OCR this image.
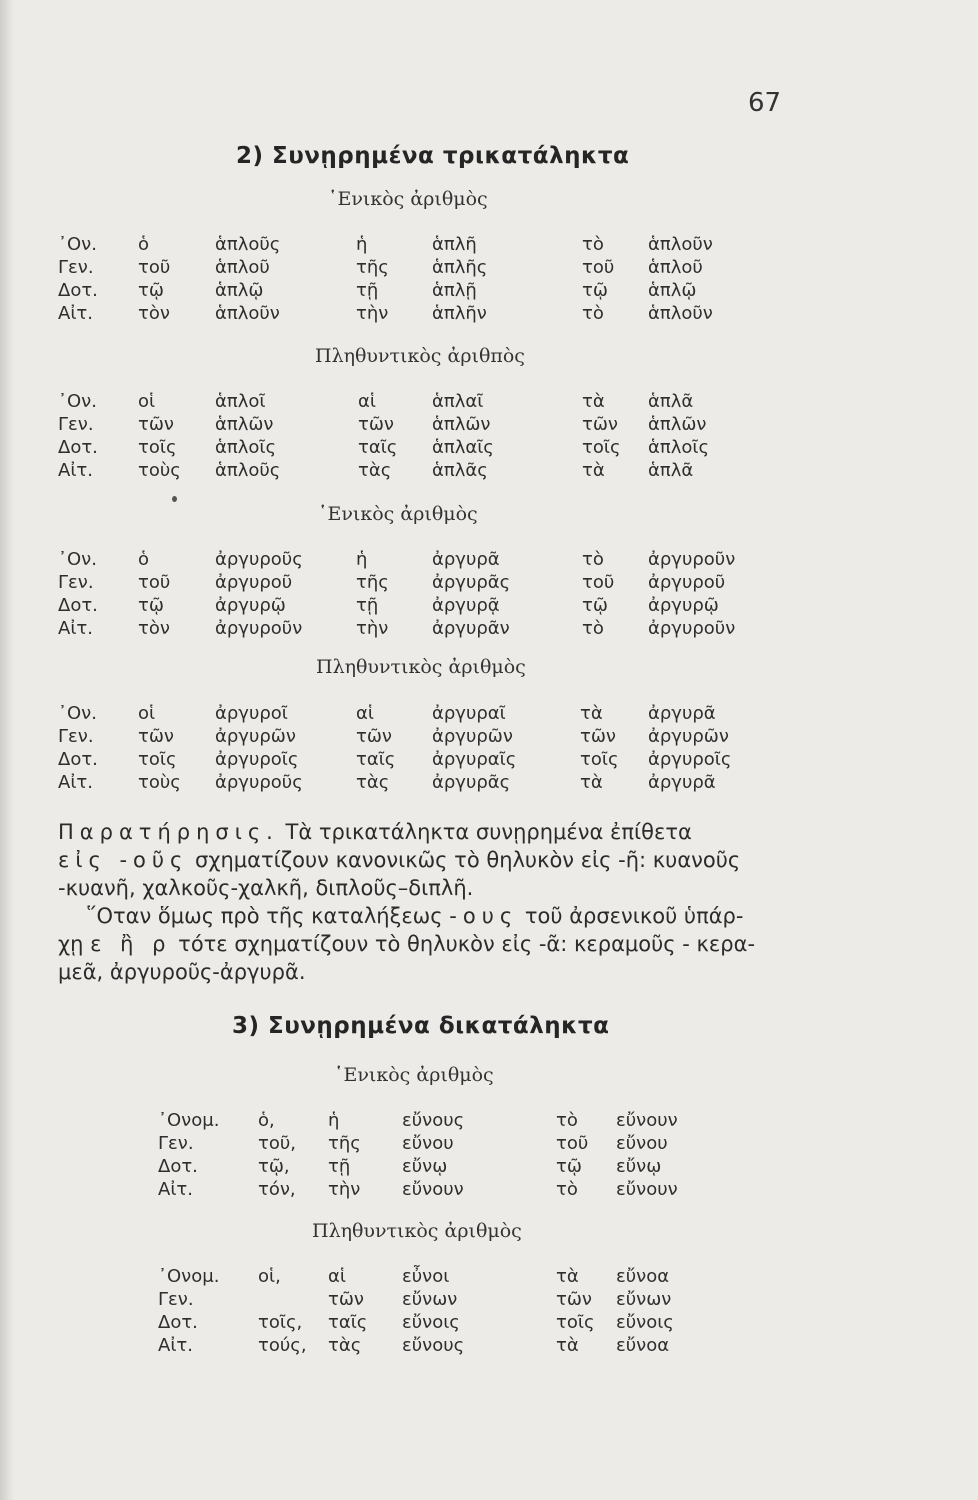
67
2) Συνῃρημένα τρικατάληκτα
῾Ενικὸς ἀριθμὸς
᾿Ον. ὁ	ἁπλοῦς	ἡ	ἁπλῆ	τὸ ἁπλοῦν
Γεν. τοῦ ἁπλοῦ	τῆς ἁπλῆς	τοῦ ἁπλοῦ
Δοτ. τῷ	ἁπλῷ	τῇ	ἁπλῇ	τῷ ἁπλῷ
Αἰτ.	τὸν	ἁπλοῦν	τὴν ἁπλῆν	τὸ ἁπλοῦν
Πληθυντικὸς ἀριθπὸς
᾿Ον. οἱ	ἁπλοῖ	αἱ	ἁπλαῖ	τὰ ἁπλᾶ
Γεν. τῶν ἁπλῶν	τῶν ἁπλῶν	τῶν ἁπλῶν
Δοτ. τοῖς ἁπλοῖς	ταῖς ἁπλαῖς	τοῖς ἁπλοῖς
Αἰτ.	τοὺς ἁπλοῦς	τὰς ἁπλᾶς	τὰ ἁπλᾶ
῾Ενικὸς ἀριθμὸς
᾿Ον. ὁ	ἀργυροῦς	ἡ	ἀργυρᾶ	τὸ ἀργυροῦν
Γεν. τοῦ ἀργυροῦ	τῆς ἀργυρᾶς	τοῦ ἀργυροῦ
Δοτ. τῷ	ἀργυρῷ	τῇ	ἀργυρᾷ	τῷ ἀργυρῷ
Αἰτ.	τὸν	ἀργυροῦν	τὴν ἀργυρᾶν	τὸ ἀργυροῦν
Πληθυντικὸς ἀριθμὸς
᾿Ον. οἱ	ἀργυροῖ	αἱ	ἀργυραῖ	τὰ	ἀργυρᾶ
Γεν. τῶν ἀργυρῶν	τῶν ἀργυρῶν	τῶν ἀργυρῶν
Δοτ. τοῖς ἀργυροῖς	ταῖς ἀργυραῖς	τοῖς ἀργυροῖς
Αἰτ.	τοὺς ἀργυροῦς	τὰς ἀργυρᾶς	τὰ	ἀργυρᾶ
Παρατήρησις. Τὰ τρικατάληκτα συνῃρημένα ἐπίθετα
εἰς -οῦς σχηματίζουν κανονικῶς τὸ θηλυκὸν εἰς -ῆ: κυανοῦς
-κυανῆ, χαλκοῦς-χαλκῆ, διπλοῦς–διπλῆ.
῞Οταν ὅμως πρὸ τῆς καταλήξεως -ους τοῦ ἀρσενικοῦ ὑπάρ-
χῃ ε ἢ ρ τότε σχηματίζουν τὸ θηλυκὸν εἰς -ᾶ: κεραμοῦς - κερα-
μεᾶ, ἀργυροῦς-ἀργυρᾶ.
3) Συνῃρημένα δικατάληκτα
῾Ενικὸς ἀριθμὸς
᾿Ονομ. ὁ,	ἡ	εὔνους	τὸ εὔνουν
Γεν.	τοῦ, τῆς εὔνου	τοῦ εὔνου
Δοτ.	τῷ, τῇ	εὔνῳ	τῷ εὔνῳ
Αἰτ.	τόν, τὴν εὔνουν	τὸ εὔνουν
Πληθυντικὸς ἀριθμὸς
᾿Ονομ. οἱ,	αἱ	εὖνοι	τὰ εὔνοα
Γεν.	τῶν εὔνων	τῶν εὔνων
Δοτ.	τοῖς, ταῖς εὔνοις	τοῖς εὔνοις
Αἰτ.	τούς, τὰς εὔνους	τὰ εὔνοα
